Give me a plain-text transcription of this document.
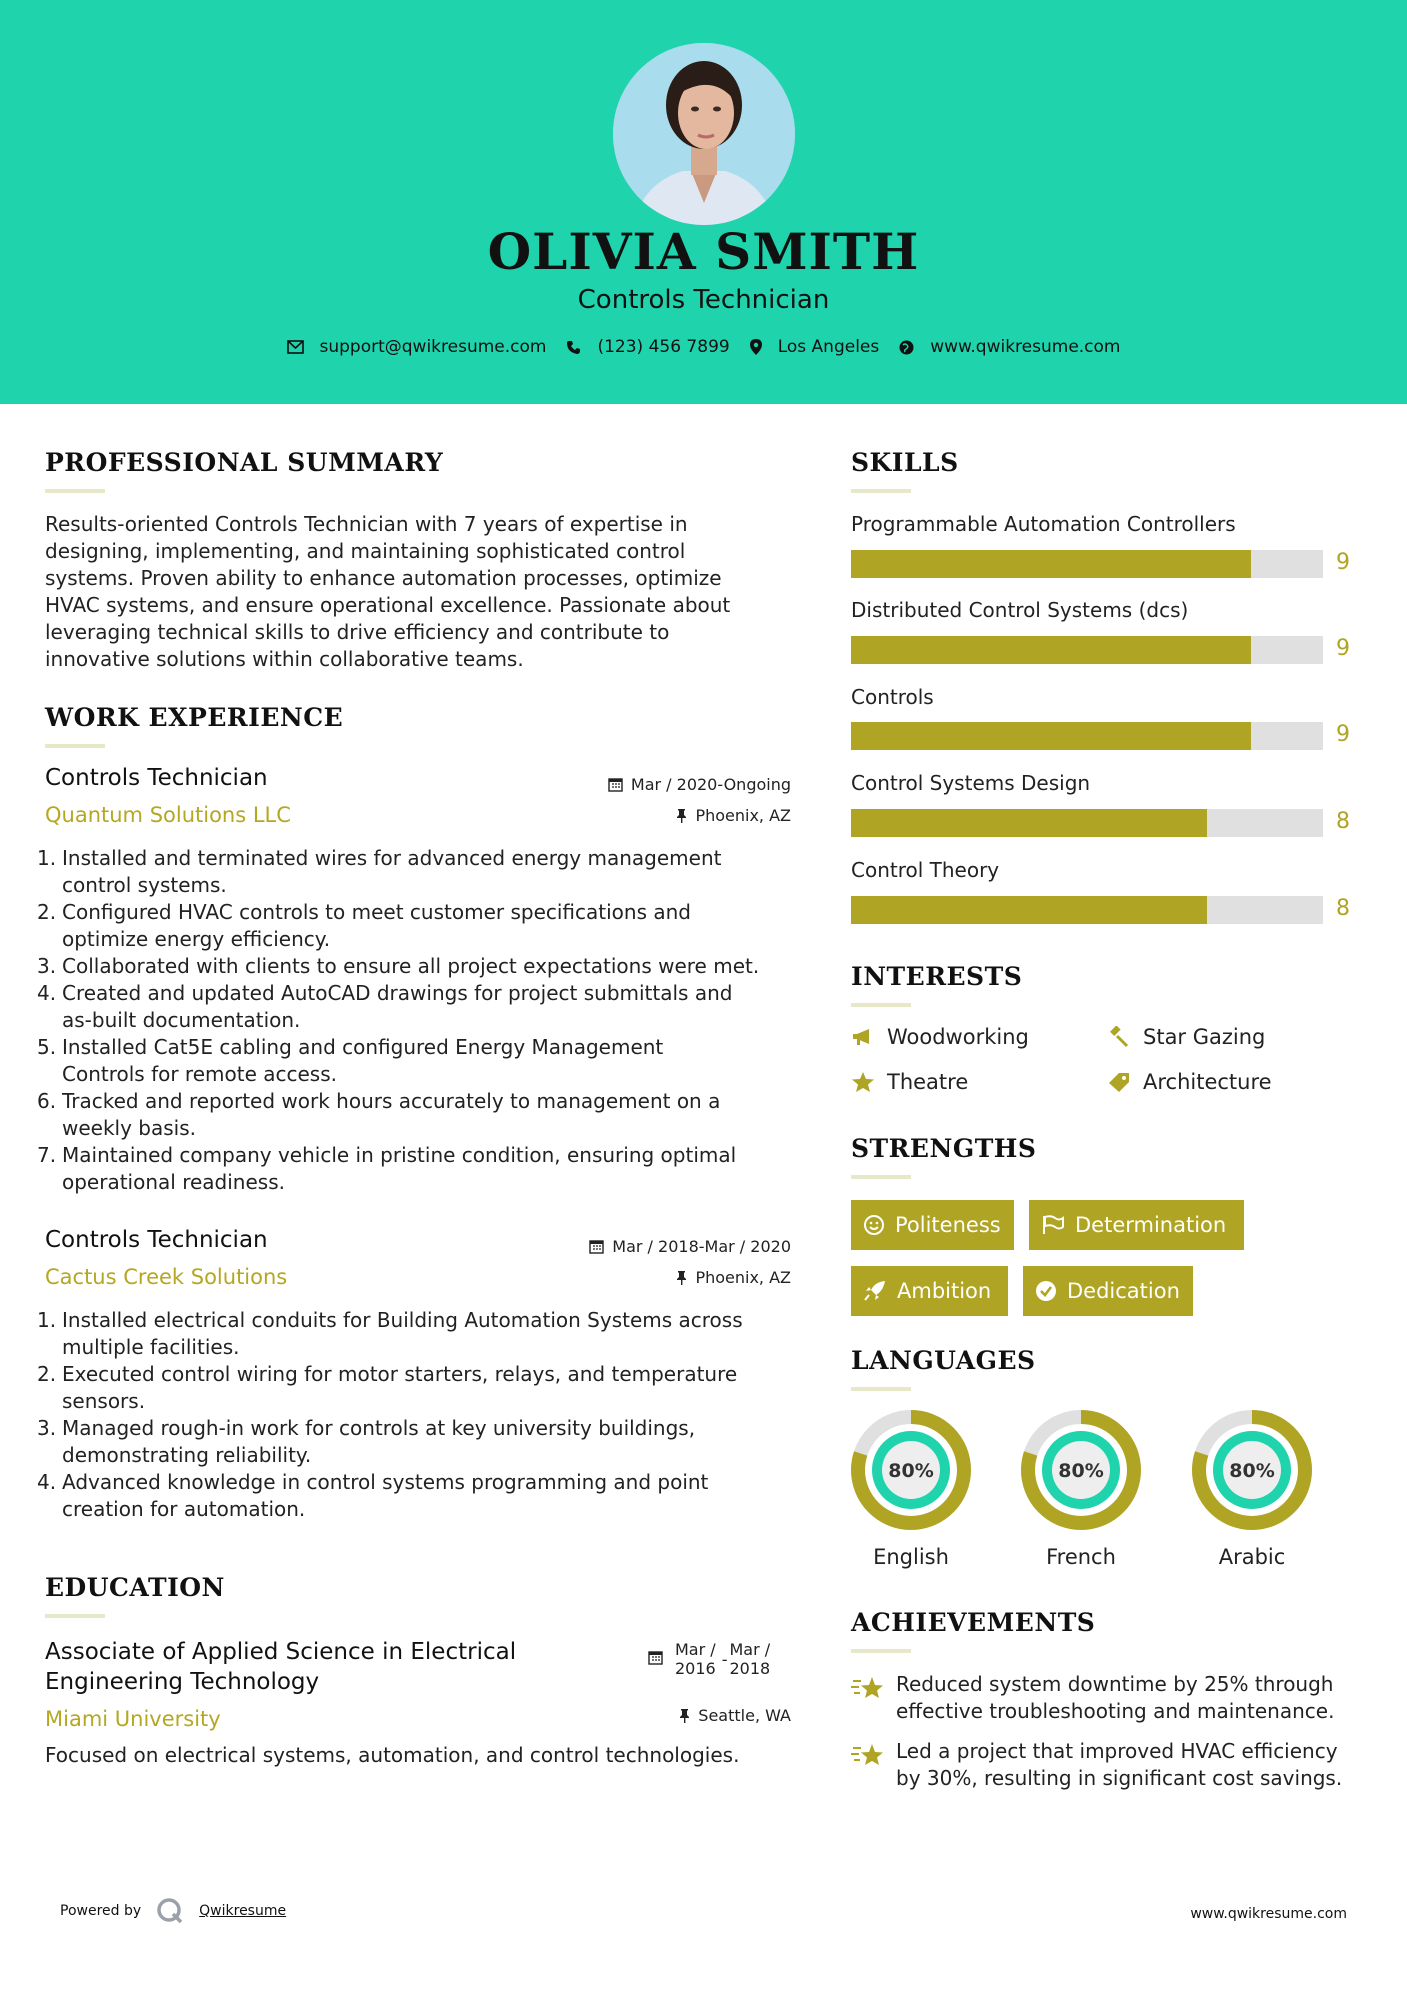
OLIVIA SMITH
Controls Technician
support@qwikresume.com	(123) 456 7899	Los Angeles	www.qwikresume.com
PROFESSIONAL SUMMARY
Results-oriented Controls Technician with 7 years of expertise in
designing, implementing, and maintaining sophisticated control
systems. Proven ability to enhance automation processes, optimize
HVAC systems, and ensure operational excellence. Passionate about
leveraging technical skills to drive efficiency and contribute to
innovative solutions within collaborative teams.
WORK EXPERIENCE
Controls Technician
Quantum Solutions LLC
Mar / 2020-Ongoing
Phoenix, AZ
1. Installed and terminated wires for advanced energy management
control systems.
2. Configured HVAC controls to meet customer specifications and
optimize energy efficiency.
3. Collaborated with clients to ensure all project expectations were met.
4. Created and updated AutoCAD drawings for project submittals and
as-built documentation.
5. Installed Cat5E cabling and configured Energy Management
Controls for remote access.
6. Tracked and reported work hours accurately to management on a
weekly basis.
7. Maintained company vehicle in pristine condition, ensuring optimal
operational readiness.
Controls Technician
Cactus Creek Solutions
Mar / 2018-Mar / 2020
Phoenix, AZ
1. Installed electrical conduits for Building Automation Systems across
multiple facilities.
2. Executed control wiring for motor starters, relays, and temperature
sensors.
3. Managed rough-in work for controls at key university buildings,
demonstrating reliability.
4. Advanced knowledge in control systems programming and point
creation for automation.
EDUCATION
Associate of Applied Science in Electrical
Engineering Technology
Miami University
Mar /
2016 -
Mar /
2018
Seattle, WA
Focused on electrical systems, automation, and control technologies.
SKILLS
Programmable Automation Controllers
9
Distributed Control Systems (dcs)
9
Controls
9
Control Systems Design
8
Control Theory
8
INTERESTS
Woodworking	Star Gazing
Theatre	Architecture
STRENGTHS
Politeness	Determination
Ambition	Dedication
LANGUAGES
80%
English
80%
French
80%
Arabic
ACHIEVEMENTS
Reduced system downtime by 25% through
effective troubleshooting and maintenance.
Led a project that improved HVAC efficiency
by 30%, resulting in significant cost savings.
Powered by	Qwikresume	www.qwikresume.com
